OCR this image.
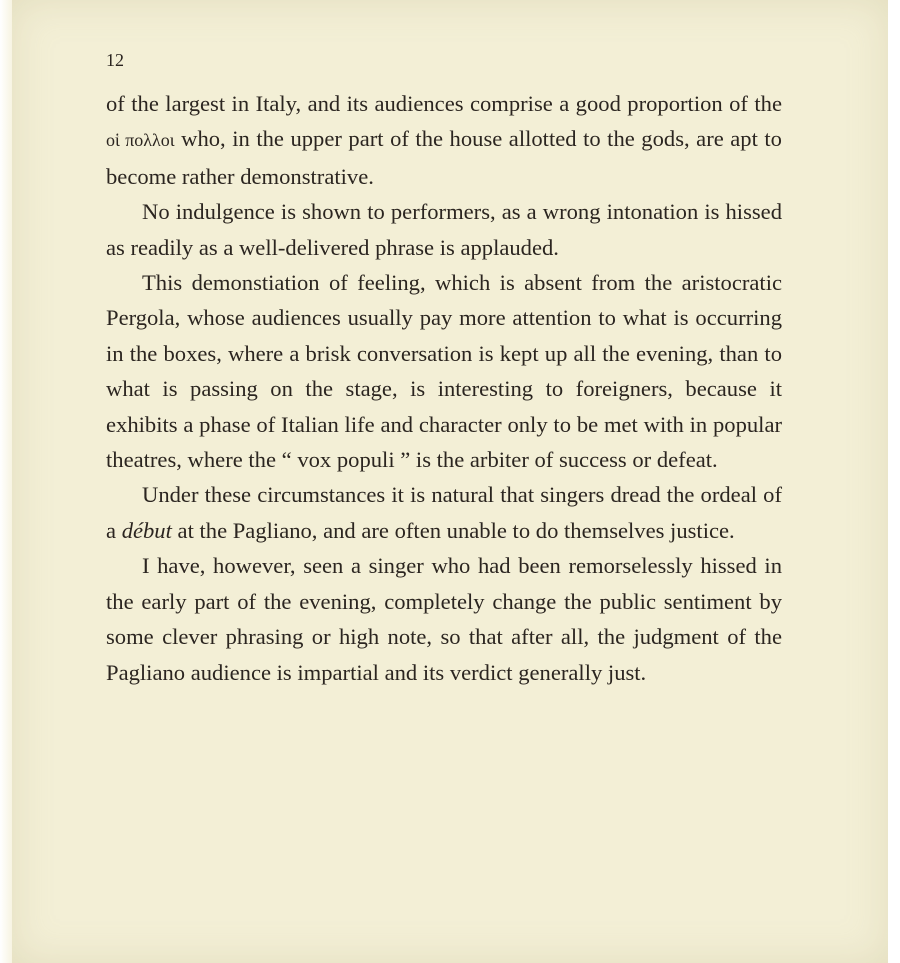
12

of the largest in Italy, and its audiences comprise a good proportion of the οἱ πολλοι who, in the upper part of the house allotted to the gods, are apt to become rather demonstrative.

No indulgence is shown to performers, as a wrong intonation is hissed as readily as a well-delivered phrase is applauded.

This demonstiation of feeling, which is absent from the aristocratic Pergola, whose audiences usually pay more attention to what is occurring in the boxes, where a brisk conversation is kept up all the evening, than to what is passing on the stage, is interesting to foreigners, because it exhibits a phase of Italian life and character only to be met with in popular theatres, where the “ vox populi ” is the arbiter of success or defeat.

Under these circumstances it is natural that singers dread the ordeal of a début at the Pagliano, and are often unable to do themselves justice.

I have, however, seen a singer who had been remorselessly hissed in the early part of the evening, completely change the public sentiment by some clever phrasing or high note, so that after all, the judgment of the Pagliano audience is impartial and its verdict generally just.
